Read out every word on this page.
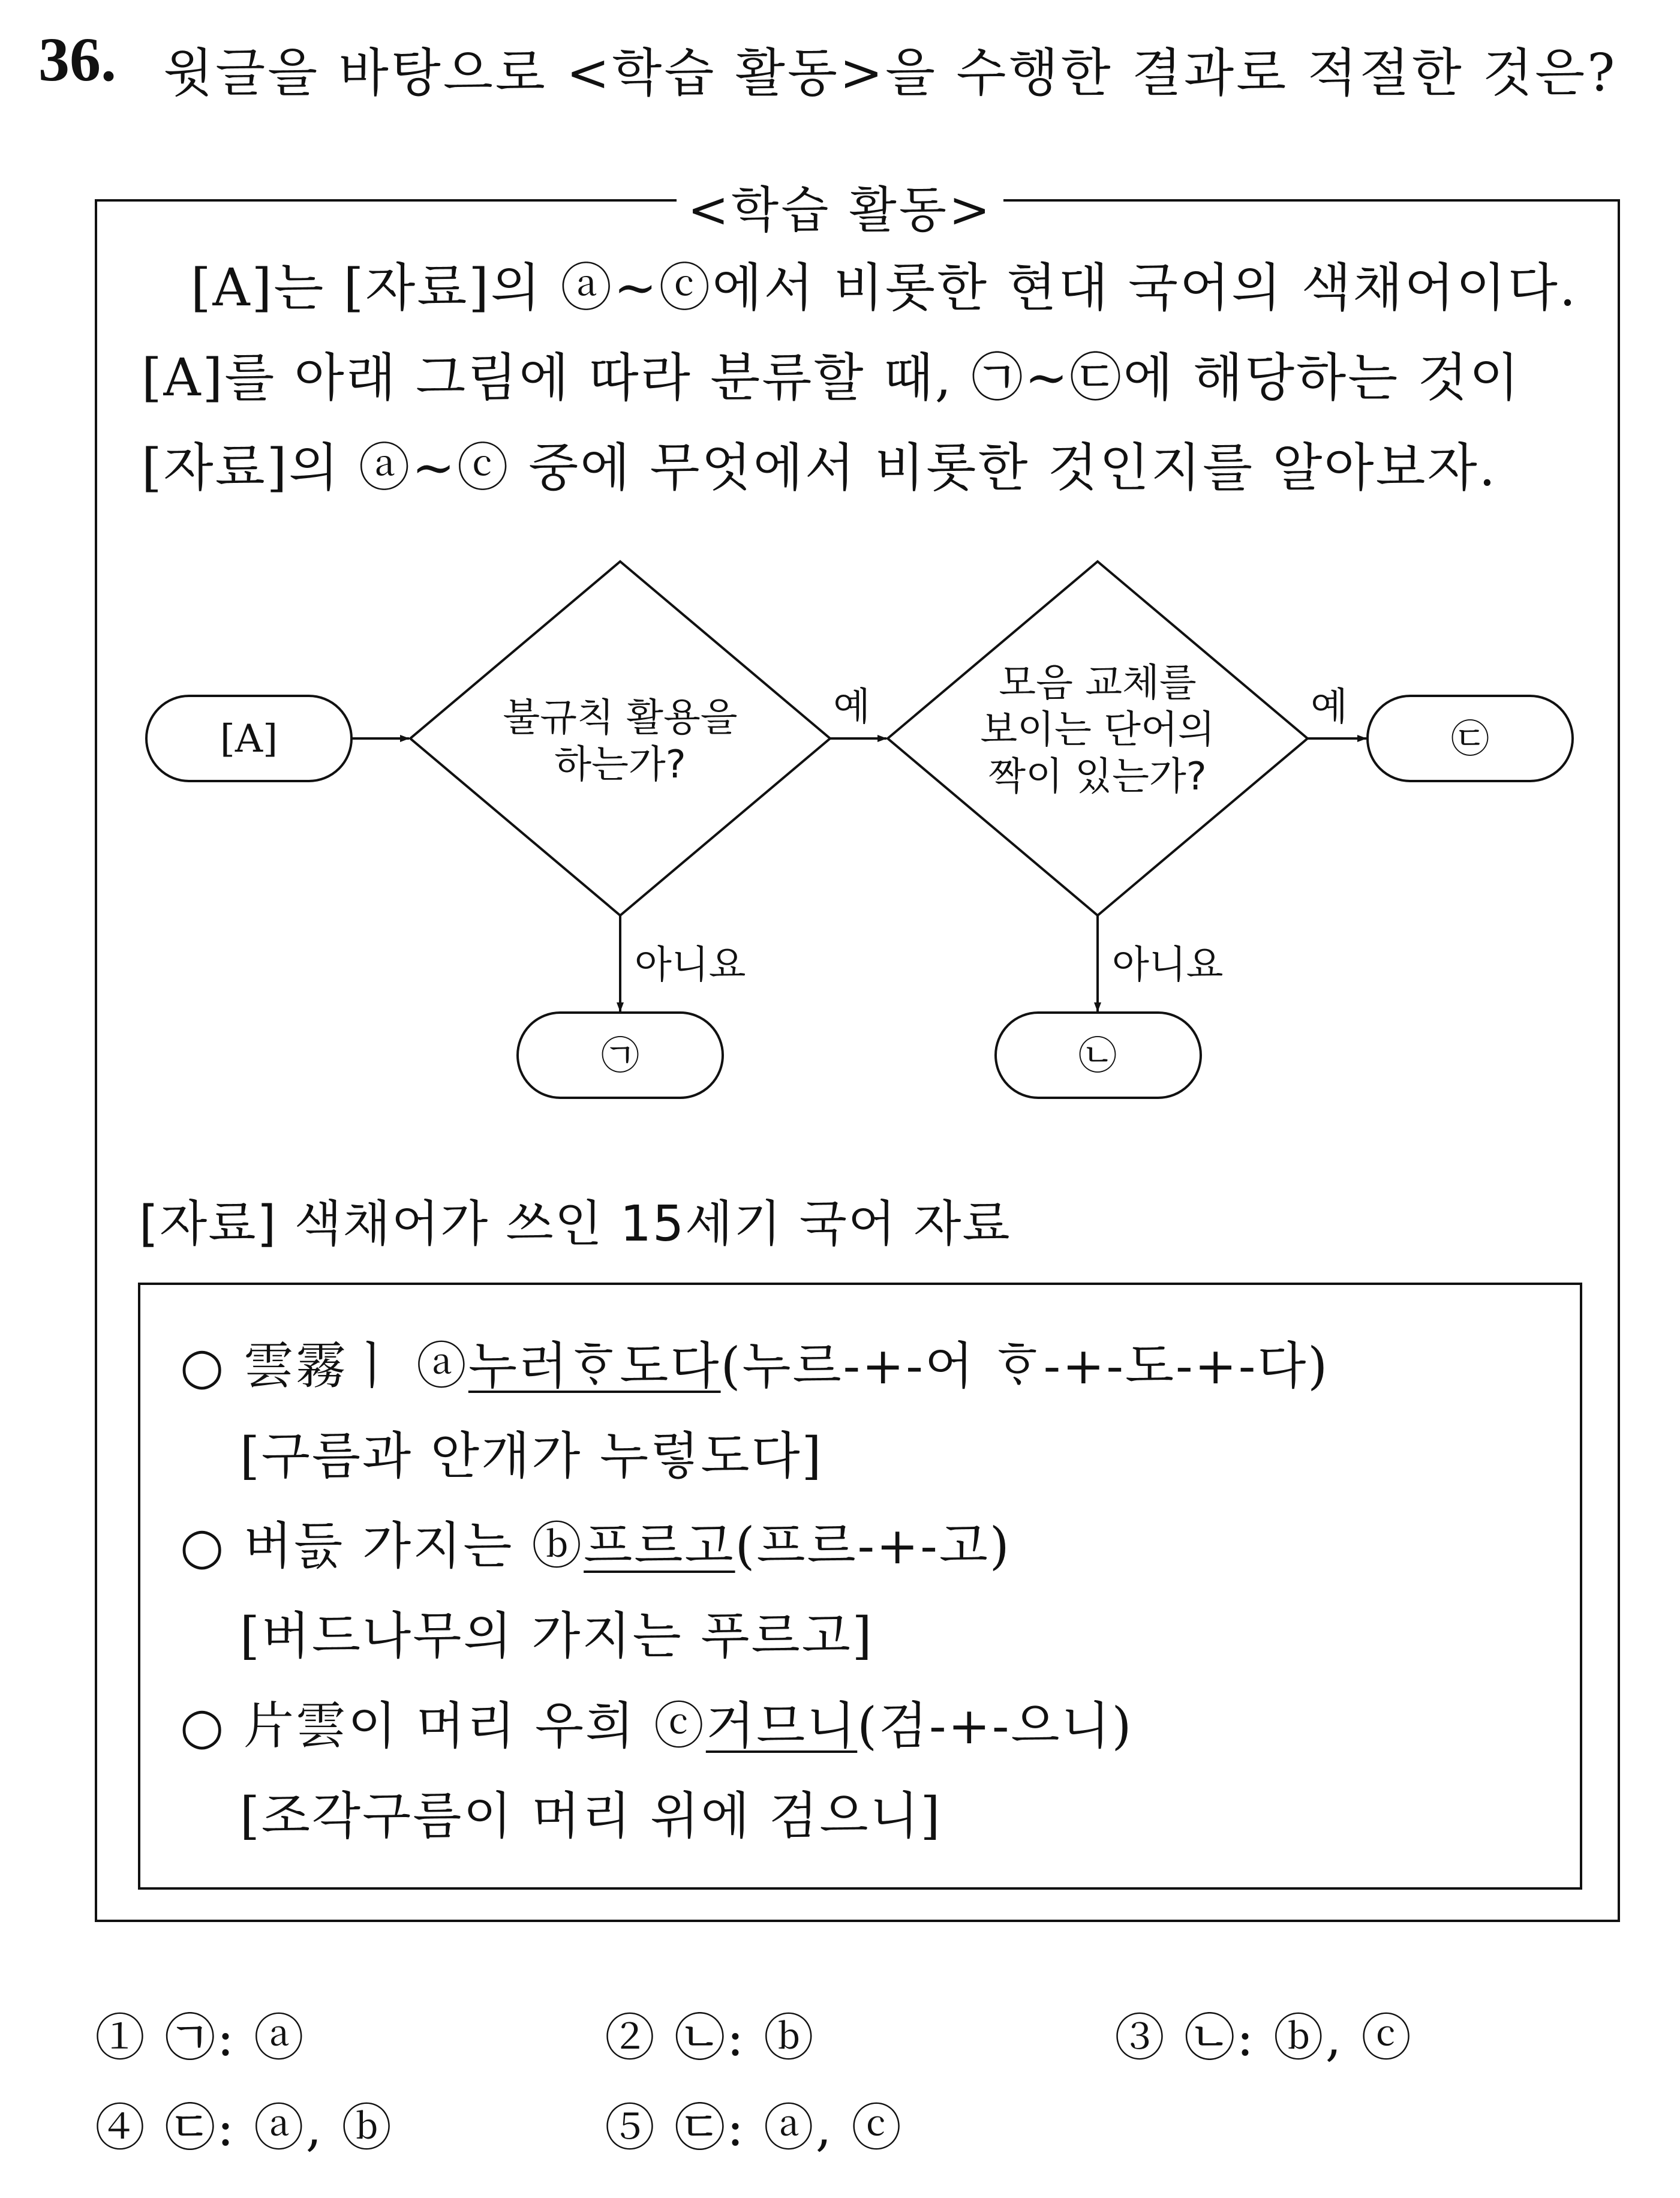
36. 윗글을 바탕으로 <학습 활동>을 수행한 결과로 적절한 것은?
<학습 활동>
[A]는 [자료]의 ⓐ~ⓒ에서 비롯한 현대 국어의 색채어이다.
[A]를 아래 그림에 따라 분류할 때, ㉠~㉢에 해당하는 것이
[자료]의 ⓐ~ⓒ 중에 무엇에서 비롯한 것인지를 알아보자.
[A]	불규칙 활용을
하는가?
모음 교체를
보이는 단어의
짝이 있는가?
예	예
㉢
㉠	㉡
아니요	아니요
[자료] 색채어가 쓰인 15세기 국어 자료
○ 雲霧ㅣ ⓐ누러ᄒᆞ도다(누르-+-어 ᄒᆞ-+-도-+-다)
[구름과 안개가 누렇도다]
○ 버듨 가지는 ⓑ프르고(프르-+-고)
[버드나무의 가지는 푸르고]
○ 片雲이 머리 우희 ⓒ거므니(검-+-으니)
[조각구름이 머리 위에 검으니]
① ㉠: ⓐ	② ㉡: ⓑ	③ ㉡: ⓑ, ⓒ
④ ㉢: ⓐ, ⓑ	⑤ ㉢: ⓐ, ⓒ
